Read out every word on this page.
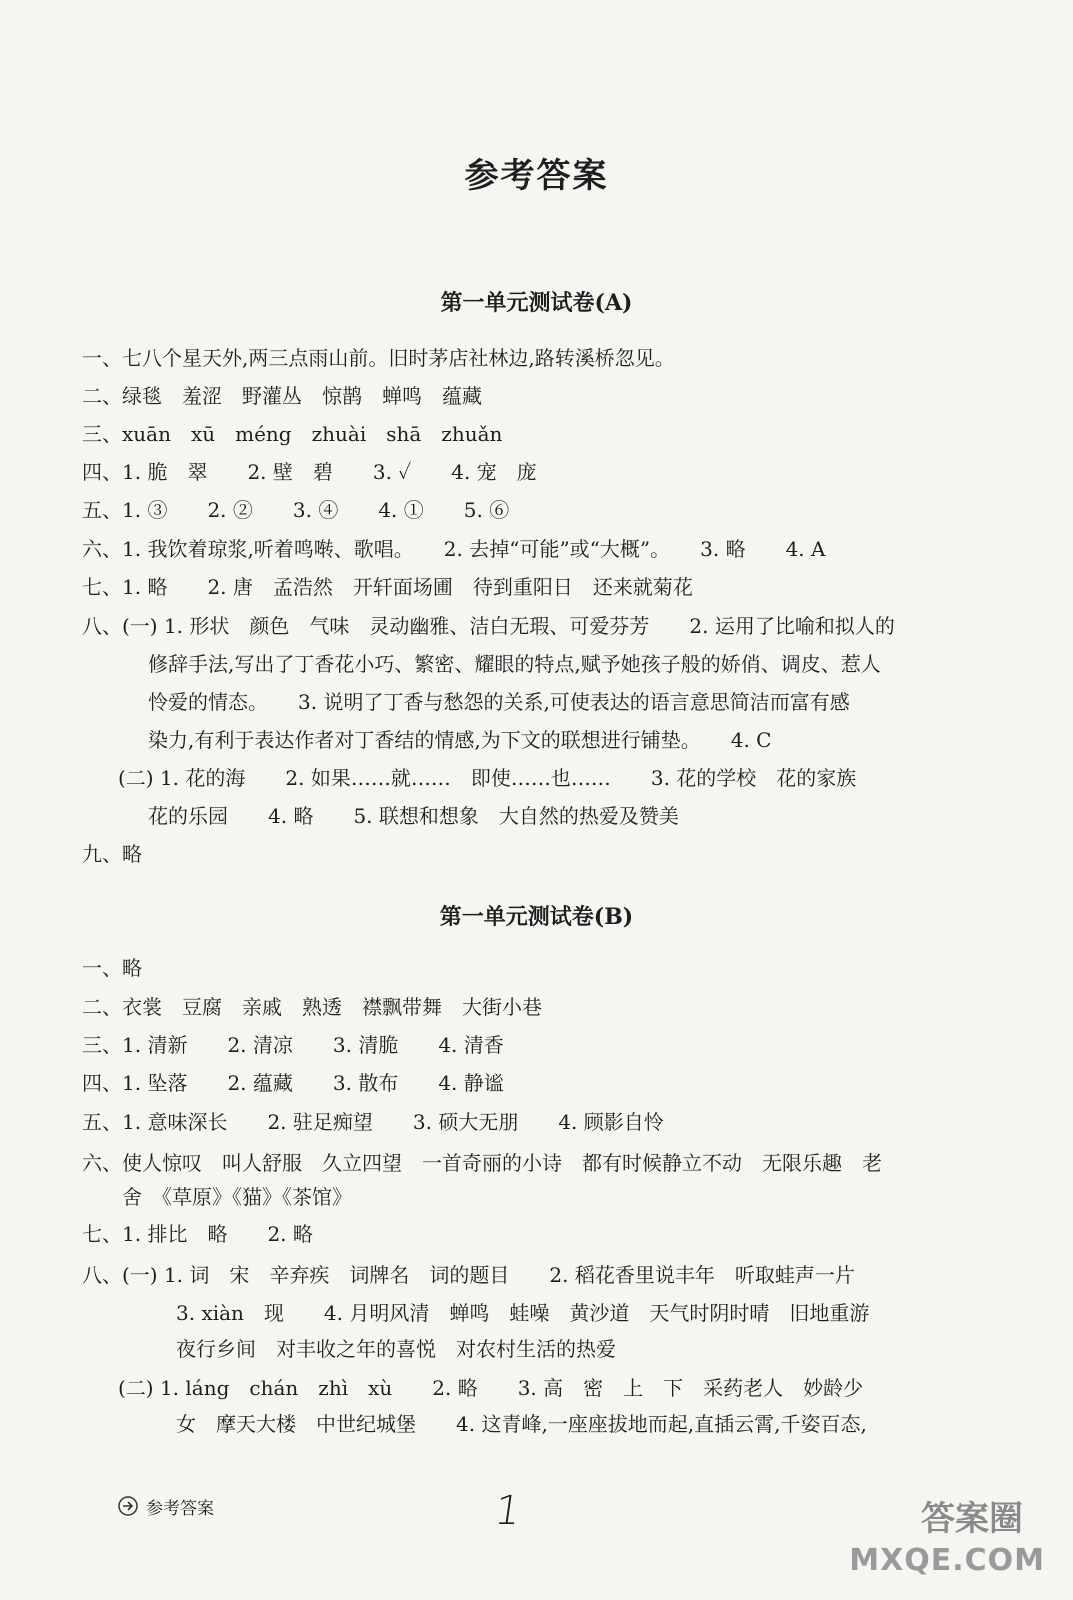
参考答案
第一单元测试卷(A)
一、七八个星天外,两三点雨山前。旧时茅店社林边,路转溪桥忽见。
二、绿毯　羞涩　野灌丛　惊鹊　蝉鸣　蕴藏
三、xuān　xū　méng　zhuài　shā　zhuǎn
四、1. 脆　翠　　2. 壁　碧　　3. ✓　　4. 宠　庞
五、1. ③　　2. ②　　3. ④　　4. ①　　5. ⑥
六、1. 我饮着琼浆,听着鸣啭、歌唱。　　2. 去掉“可能”或“大概”。　　3. 略　　4. A
七、1. 略　　2. 唐　孟浩然　开轩面场圃　待到重阳日　还来就菊花
八、(一) 1. 形状　颜色　气味　灵动幽雅、洁白无瑕、可爱芬芳　　2. 运用了比喻和拟人的
修辞手法,写出了丁香花小巧、繁密、耀眼的特点,赋予她孩子般的娇俏、调皮、惹人
怜爱的情态。　　3. 说明了丁香与愁怨的关系,可使表达的语言意思简洁而富有感
染力,有利于表达作者对丁香结的情感,为下文的联想进行铺垫。　　4. C
(二) 1. 花的海　　2. 如果……就……　即使……也……　　3. 花的学校　花的家族
花的乐园　　4. 略　　5. 联想和想象　大自然的热爱及赞美
九、略
第一单元测试卷(B)
一、略
二、衣裳　豆腐　亲戚　熟透　襟飘带舞　大街小巷
三、1. 清新　　2. 清凉　　3. 清脆　　4. 清香
四、1. 坠落　　2. 蕴藏　　3. 散布　　4. 静谧
五、1. 意味深长　　2. 驻足痴望　　3. 硕大无朋　　4. 顾影自怜
六、使人惊叹　叫人舒服　久立四望　一首奇丽的小诗　都有时候静立不动　无限乐趣　老
舍　《草原》《猫》《茶馆》
七、1. 排比　略　　2. 略
八、(一) 1. 词　宋　辛弃疾　词牌名　词的题目　　2. 稻花香里说丰年　听取蛙声一片
3. xiàn　现　　4. 月明风清　蝉鸣　蛙噪　黄沙道　天气时阴时晴　旧地重游
夜行乡间　对丰收之年的喜悦　对农村生活的热爱
(二) 1. láng　chán　zhì　xù　　2. 略　　3. 高　密　上　下　采药老人　妙龄少
女　摩天大楼　中世纪城堡　　4. 这青峰,一座座拔地而起,直插云霄,千姿百态,
参考答案	1	答案圈
MXQE.COM
